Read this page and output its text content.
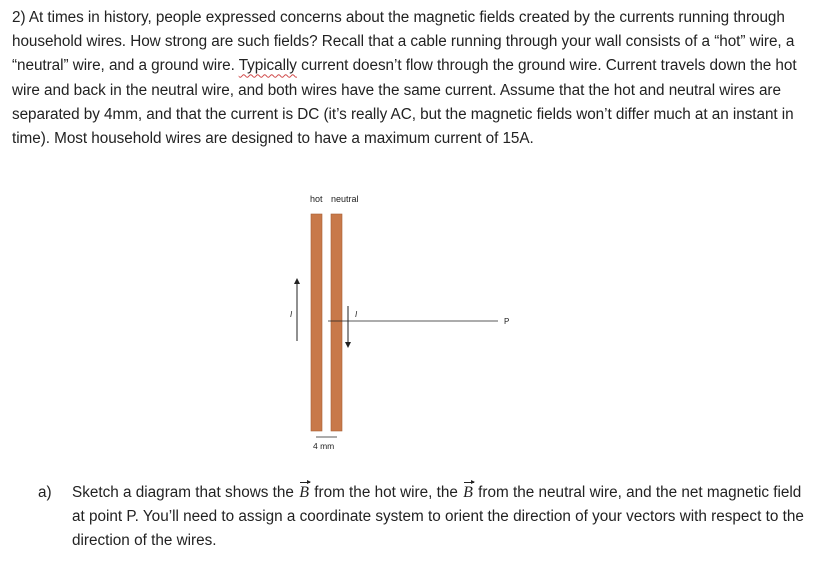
2) At times in history, people expressed concerns about the magnetic fields created by the currents running through household wires. How strong are such fields? Recall that a cable running through your wall consists of a “hot” wire, a “neutral” wire, and a ground wire. Typically current doesn’t flow through the ground wire. Current travels down the hot wire and back in the neutral wire, and both wires have the same current. Assume that the hot and neutral wires are separated by 4mm, and that the current is DC (it’s really AC, but the magnetic fields won’t differ much at an instant in time). Most household wires are designed to have a maximum current of 15A.

hot neutral
I	I
P
4 mm
a) Sketch a diagram that shows the B from the hot wire, the B from the neutral wire, and the net magnetic field at point P. You’ll need to assign a coordinate system to orient the direction of your vectors with respect to the direction of the wires.
